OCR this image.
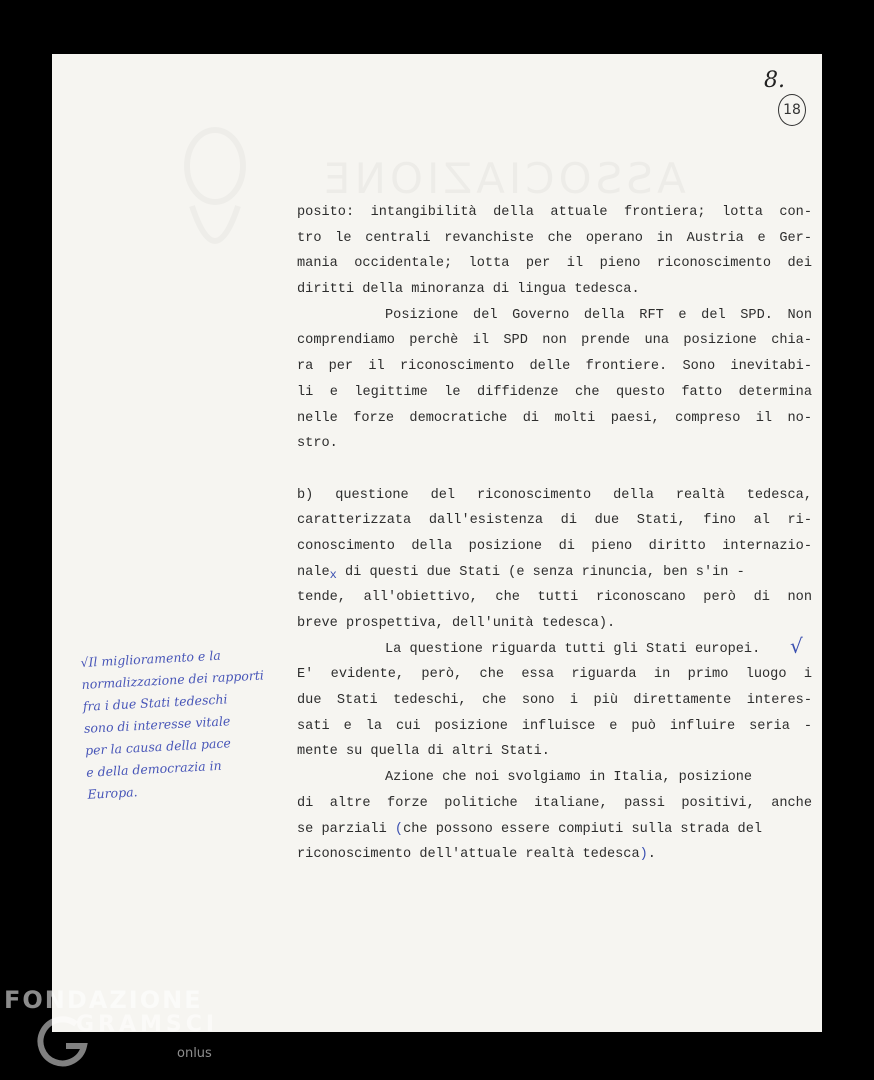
8.
18
posito: intangibilità della attuale frontiera; lotta con-
tro le centrali revanchiste che operano in Austria e Ger-
mania occidentale; lotta per il pieno riconoscimento dei
diritti della minoranza di lingua tedesca.
Posizione del Governo della RFT e del SPD. Non
comprendiamo perchè il SPD non prende una posizione chia-
ra per il riconoscimento delle frontiere. Sono inevitabi-
li e legittime le diffidenze che questo fatto determina
nelle forze democratiche di molti paesi, compreso il no-
stro.
b) questione del riconoscimento della realtà tedesca,
caratterizzata dall'esistenza di due Stati, fino al ri-
conoscimento della posizione di pieno diritto internazio-
nalex di questi due Stati (e senza rinuncia, ben s'in -
tende, all'obiettivo, che tutti riconoscano però di non
breve prospettiva, dell'unità tedesca).
La questione riguarda tutti gli Stati europei.
E' evidente, però, che essa riguarda in primo luogo i
due Stati tedeschi, che sono i più direttamente interes-
sati e la cui posizione influisce e può influire seria -
mente su quella di altri Stati.
Azione che noi svolgiamo in Italia, posizione
di altre forze politiche italiane, passi positivi, anche
se parziali (che possono essere compiuti sulla strada del
riconoscimento dell'attuale realtà tedesca).
√
√Il miglioramento e la
normalizzazione dei rapporti
fra i due Stati tedeschi
sono di interesse vitale
per la causa della pace
e della democrazia in
Europa.
FONDAZIONE
GRAMSCI
onlus
